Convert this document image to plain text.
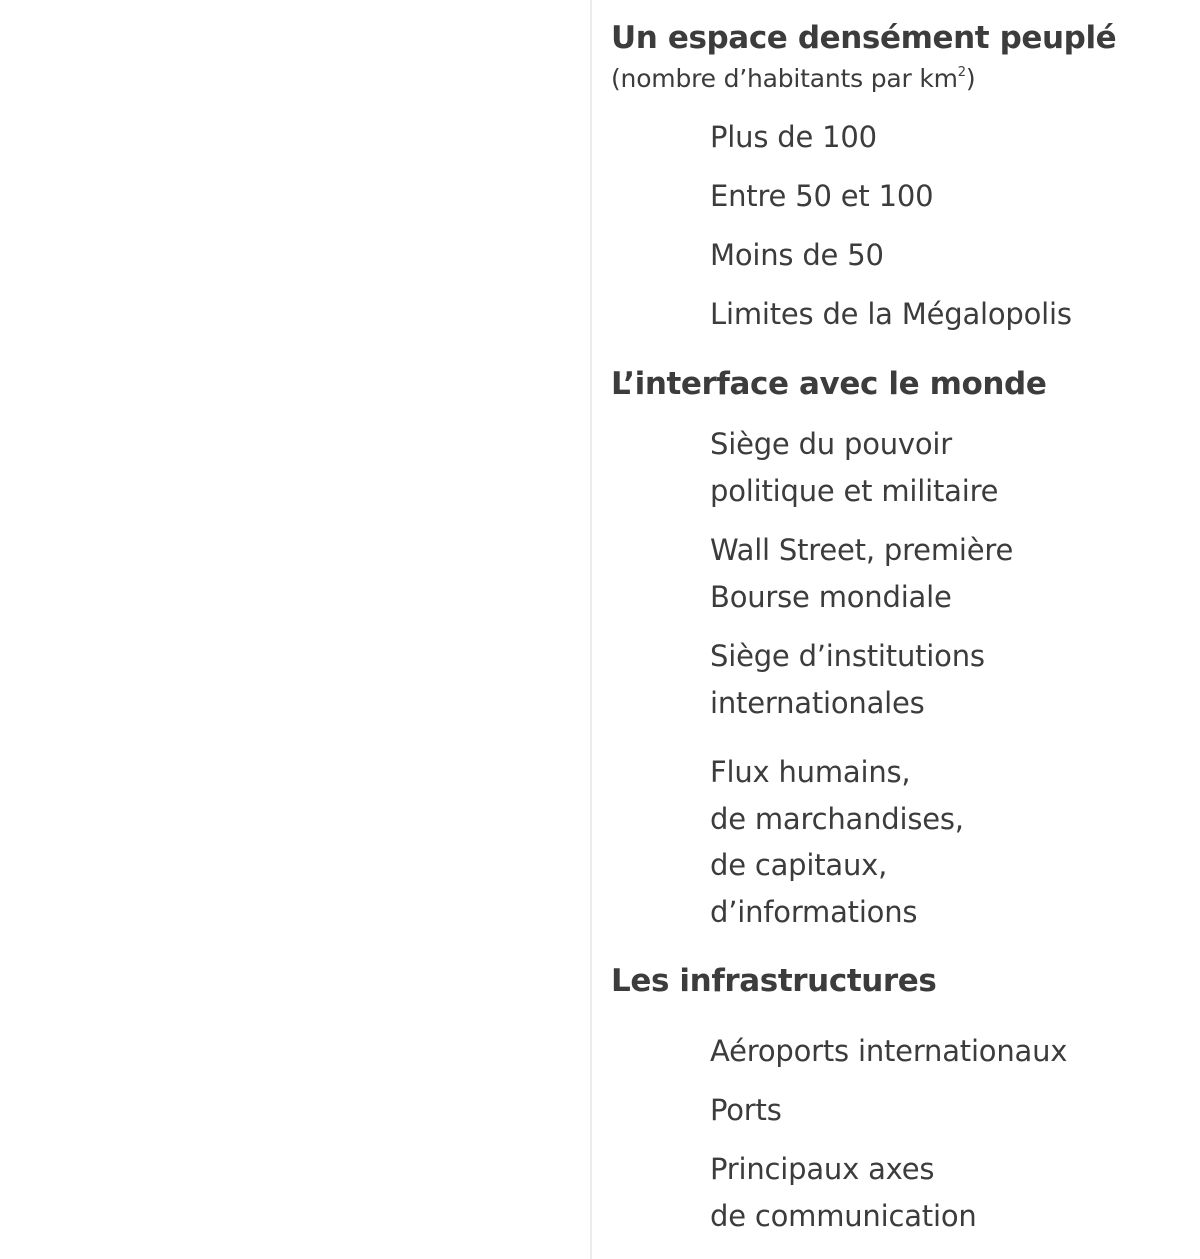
Un espace densément peuplé
(nombre d’habitants par $km^2$)
Plus de 100
Entre 50 et 100
Moins de 50
Limites de la Mégalopolis
L’interface avec le monde
Siège du pouvoir
politique et militaire
Wall Street, première
Bourse mondiale
Siège d’institutions
internationales
Flux humains,
de marchandises,
de capitaux,
d’informations
Les infrastructures
Aéroports internationaux
Ports
Principaux axes
de communication
